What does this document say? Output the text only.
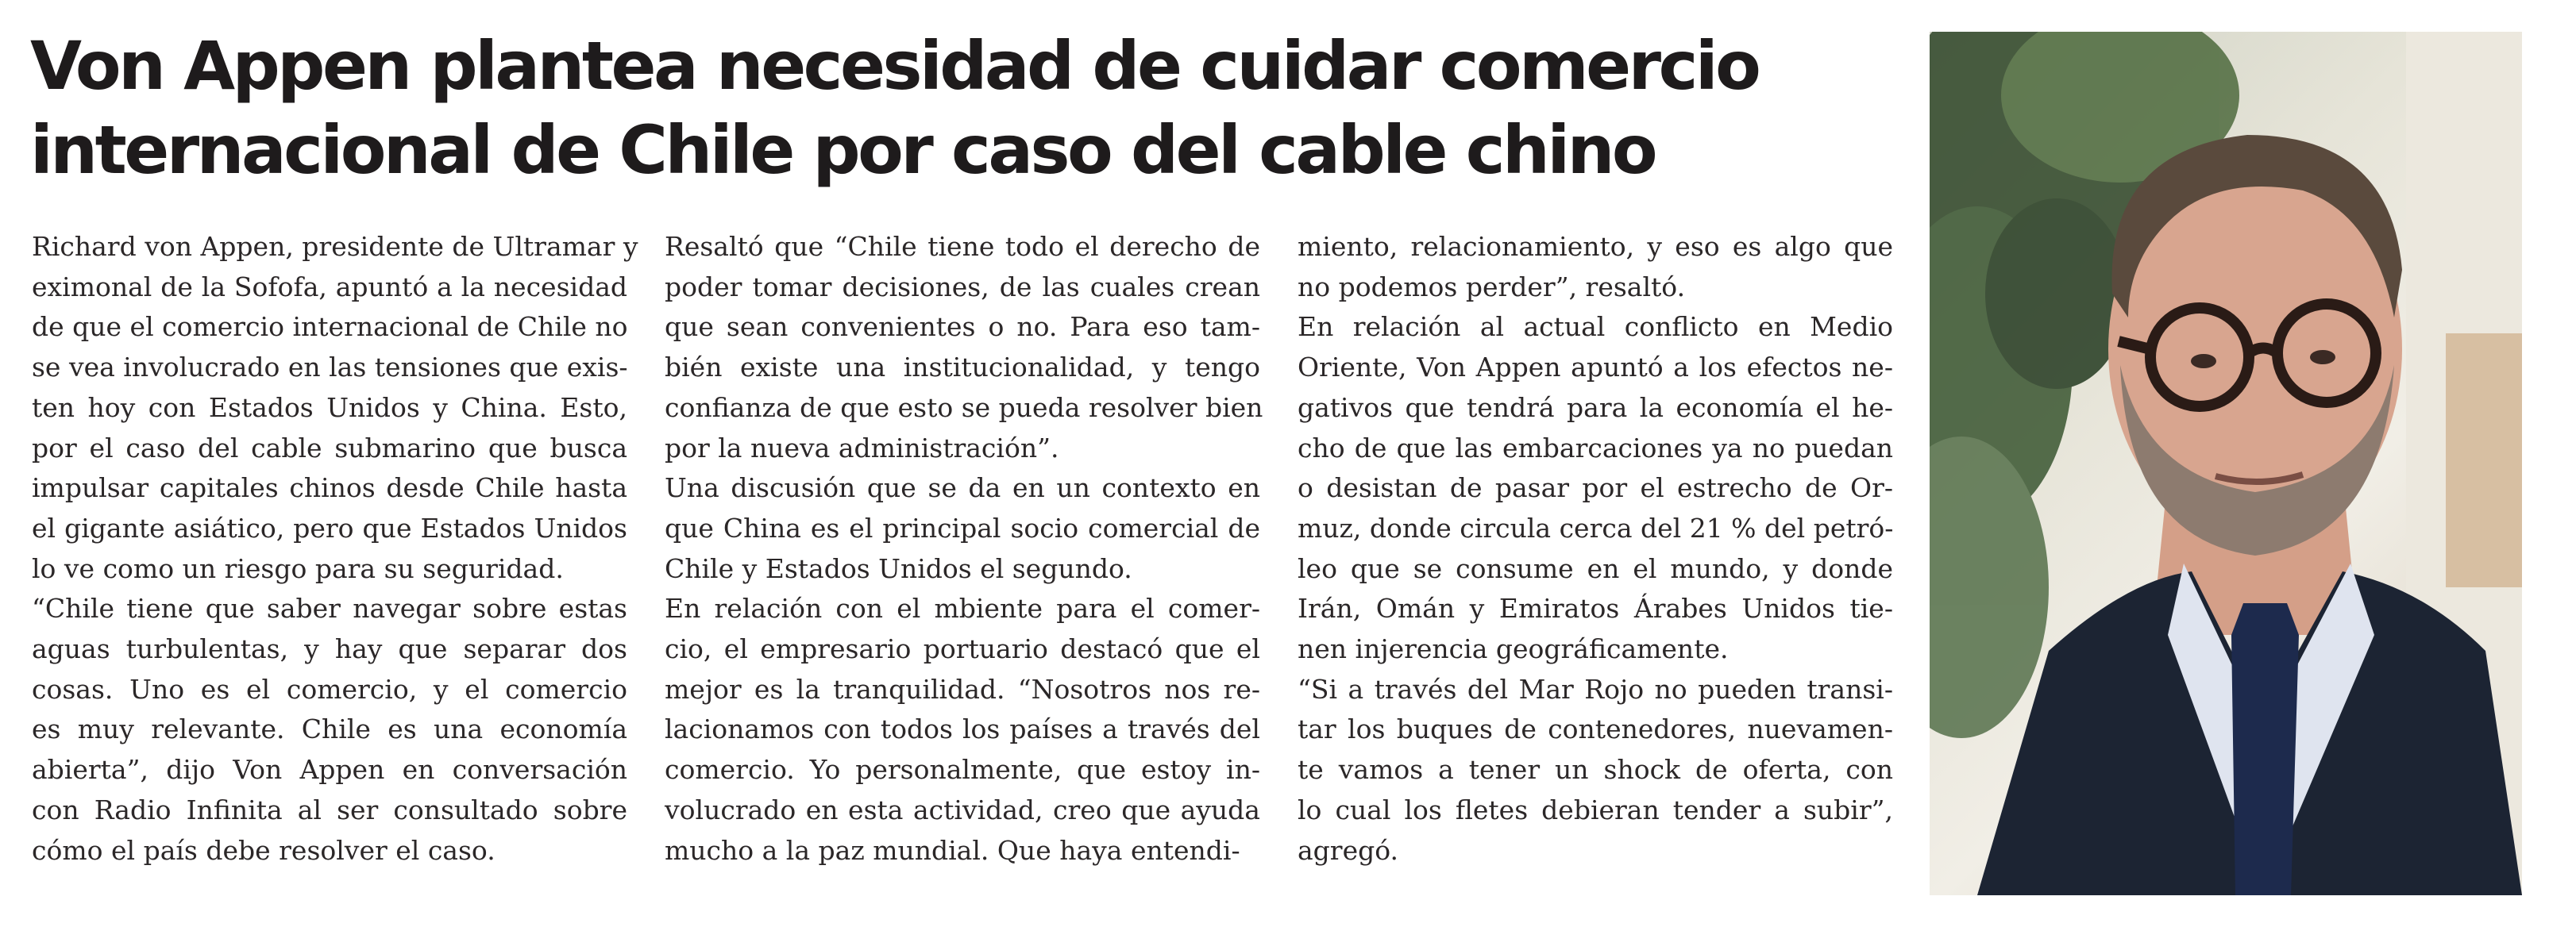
Von Appen plantea necesidad de cuidar comercio
internacional de Chile por caso del cable chino

Richard von Appen, presidente de Ultramar y

eximonal de la Sofofa, apuntó a la necesidad

de que el comercio internacional de Chile no

se vea involucrado en las tensiones que exis-

ten hoy con Estados Unidos y China. Esto,

por el caso del cable submarino que busca

impulsar capitales chinos desde Chile hasta

el gigante asiático, pero que Estados Unidos

lo ve como un riesgo para su seguridad.

“Chile tiene que saber navegar sobre estas

aguas turbulentas, y hay que separar dos

cosas. Uno es el comercio, y el comercio

es muy relevante. Chile es una economía

abierta”, dijo Von Appen en conversación

con Radio Infinita al ser consultado sobre

cómo el país debe resolver el caso.

Resaltó que “Chile tiene todo el derecho de

poder tomar decisiones, de las cuales crean

que sean convenientes o no. Para eso tam-

bién existe una institucionalidad, y tengo

confianza de que esto se pueda resolver bien

por la nueva administración”.

Una discusión que se da en un contexto en

que China es el principal socio comercial de

Chile y Estados Unidos el segundo.

En relación con el mbiente para el comer-

cio, el empresario portuario destacó que el

mejor es la tranquilidad. “Nosotros nos re-

lacionamos con todos los países a través del

comercio. Yo personalmente, que estoy in-

volucrado en esta actividad, creo que ayuda

mucho a la paz mundial. Que haya entendi-

miento, relacionamiento, y eso es algo que

no podemos perder”, resaltó.

En relación al actual conflicto en Medio

Oriente, Von Appen apuntó a los efectos ne-

gativos que tendrá para la economía el he-

cho de que las embarcaciones ya no puedan

o desistan de pasar por el estrecho de Or-

muz, donde circula cerca del 21 % del petró-

leo que se consume en el mundo, y donde

Irán, Omán y Emiratos Árabes Unidos tie-

nen injerencia geográficamente.

“Si a través del Mar Rojo no pueden transi-

tar los buques de contenedores, nuevamen-

te vamos a tener un shock de oferta, con

lo cual los fletes debieran tender a subir”,

agregó.
